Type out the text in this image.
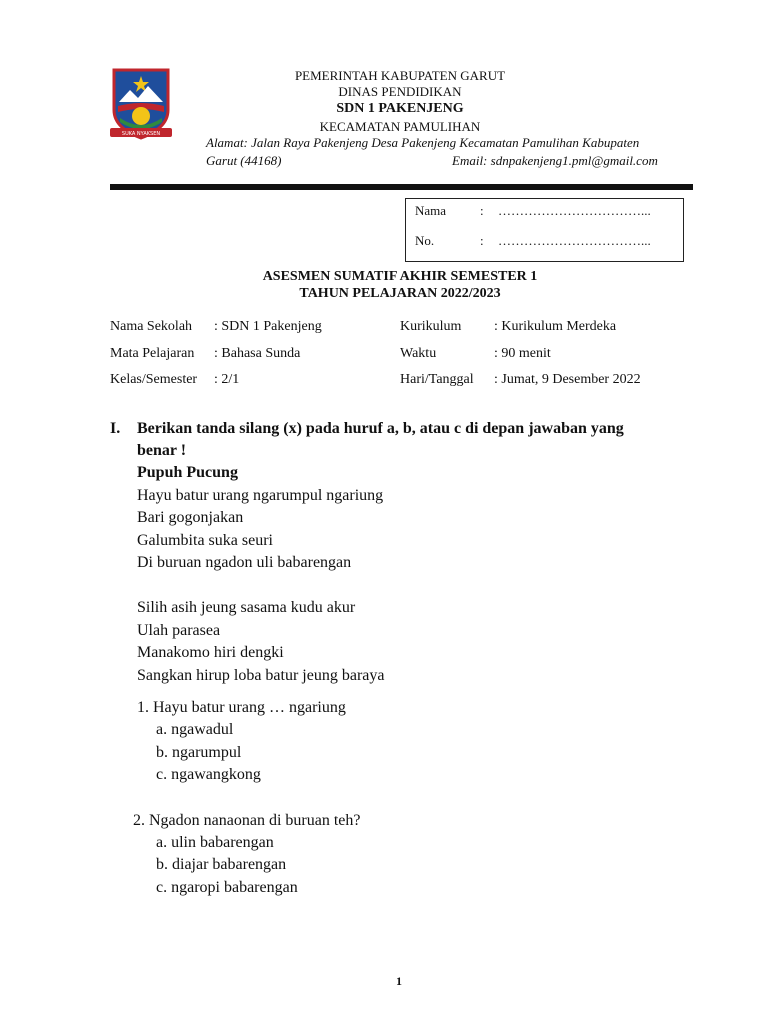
SUKA NYAKSEN
PEMERINTAH KABUPATEN GARUT
DINAS PENDIDIKAN
SDN 1 PAKENJENG
KECAMATAN PAMULIHAN
Alamat: Jalan Raya Pakenjeng Desa Pakenjeng Kecamatan Pamulihan Kabupaten
Garut (44168)	Email: sdnpakenjeng1.pml@gmail.com
Nama	: ……………………………...
No.	: ……………………………...
ASESMEN SUMATIF AKHIR SEMESTER 1
TAHUN PELAJARAN 2022/2023
Nama Sekolah : SDN 1 Pakenjeng	Kurikulum : Kurikulum Merdeka
Mata Pelajaran : Bahasa Sunda	Waktu	: 90 menit
Kelas/Semester : 2/1	Hari/Tanggal : Jumat, 9 Desember 2022
I. Berikan tanda silang (x) pada huruf a, b, atau c di depan jawaban yang
benar !
Pupuh Pucung
Hayu batur urang ngarumpul ngariung
Bari gogonjakan
Galumbita suka seuri
Di buruan ngadon uli babarengan
Silih asih jeung sasama kudu akur
Ulah parasea
Manakomo hiri dengki
Sangkan hirup loba batur jeung baraya
1. Hayu batur urang … ngariung
a. ngawadul
b. ngarumpul
c. ngawangkong
2. Ngadon nanaonan di buruan teh?
a. ulin babarengan
b. diajar babarengan
c. ngaropi babarengan
1
